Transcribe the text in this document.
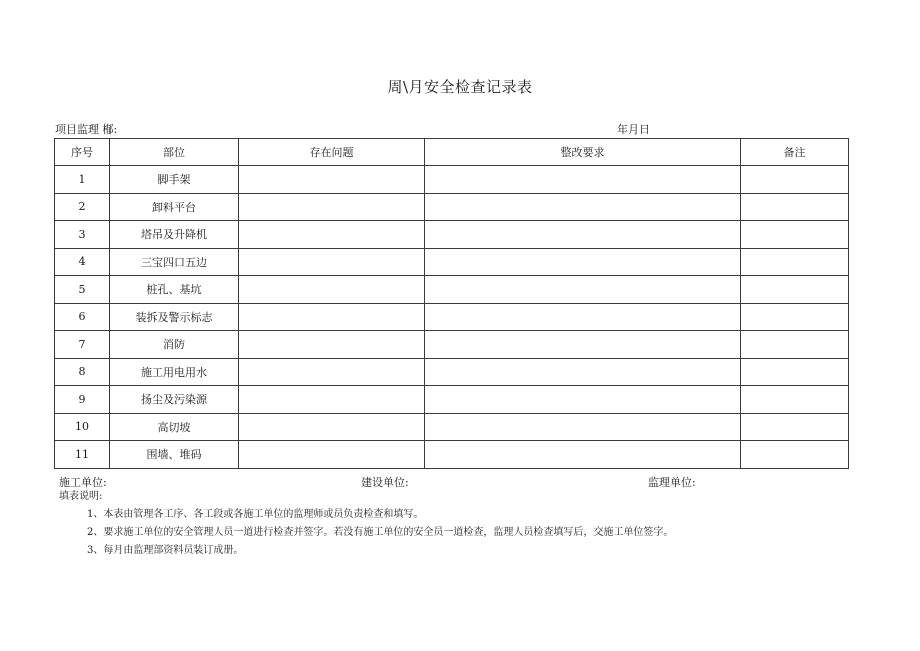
周\月安全检查记录表
项目监理 㮋:	年月日
序号	部位	存在问题	整改要求	备注
1	脚手架			
2	卸料平台			
3	塔吊及升降机			
4	三宝四口五边			
5	桩孔、基坑			
6	装拆及警示标志			
7	消防			
8	施工用电用水			
9	扬尘及污染源			
10	高切坡			
11	围墙、堆码			
施工单位:	建设单位:	监理单位:
填表说明:
1、本表由管理各工序、各工段或各施工单位的监理师或员负责检查和填写。
2、要求施工单位的安全管理人员一道进行检查并签字。若没有施工单位的安全员一道检查，监理人员检查填写后，交施工单位签字。
3、每月由监理部资料员装订成册。
